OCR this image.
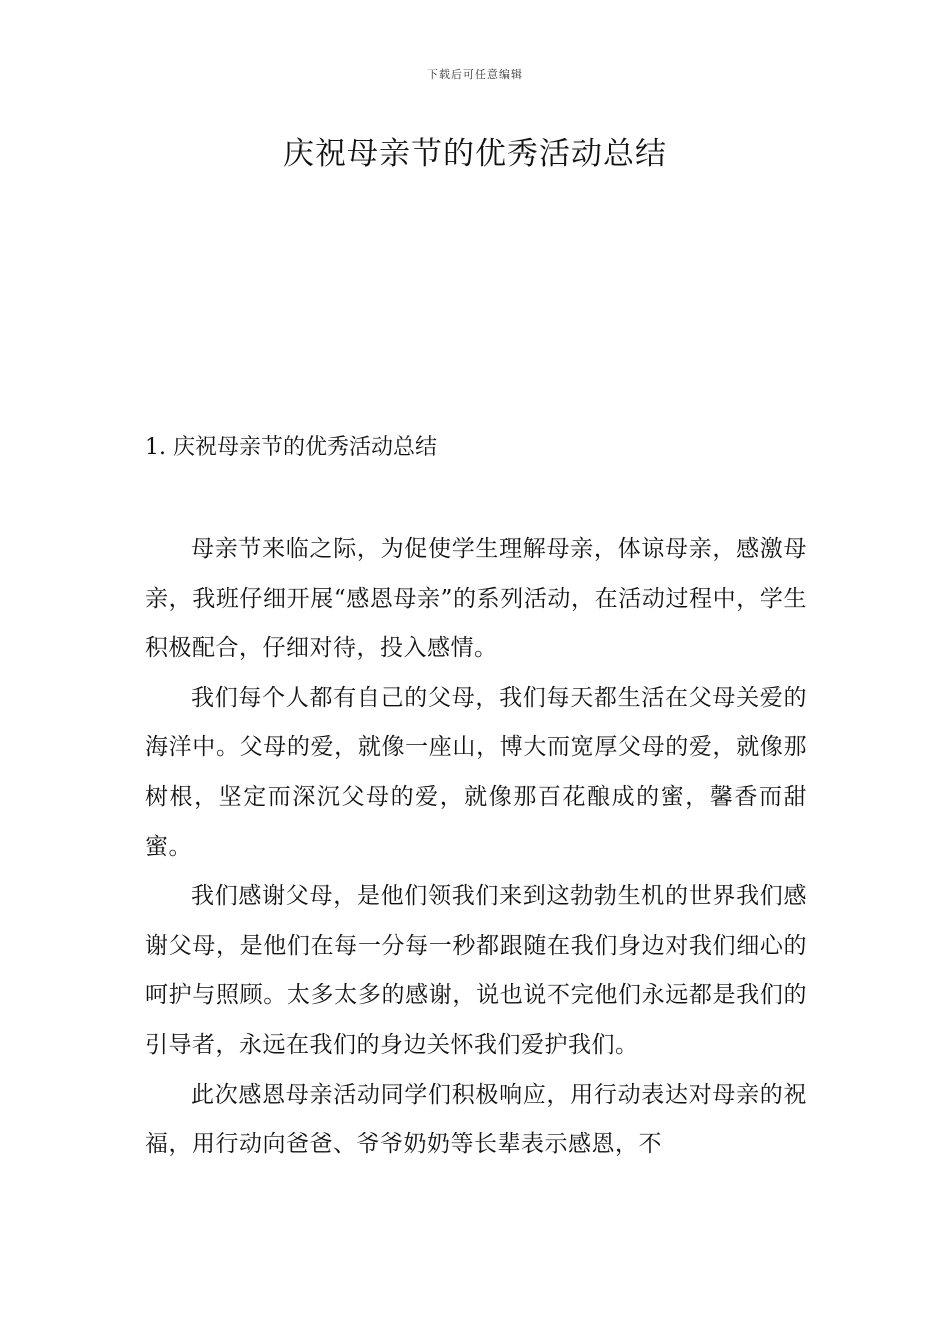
下载后可任意编辑
庆祝母亲节的优秀活动总结
1. 庆祝母亲节的优秀活动总结

母亲节来临之际，为促使学生理解母亲，体谅母亲，感激母亲，我班仔细开展“感恩母亲”的系列活动，在活动过程中，学生积极配合，仔细对待，投入感情。

我们每个人都有自己的父母，我们每天都生活在父母关爱的海洋中。父母的爱，就像一座山，博大而宽厚父母的爱，就像那树根，坚定而深沉父母的爱，就像那百花酿成的蜜，馨香而甜蜜。

我们感谢父母，是他们领我们来到这勃勃生机的世界我们感谢父母，是他们在每一分每一秒都跟随在我们身边对我们细心的呵护与照顾。太多太多的感谢，说也说不完他们永远都是我们的引导者，永远在我们的身边关怀我们爱护我们。

此次感恩母亲活动同学们积极响应，用行动表达对母亲的祝福，用行动向爸爸、爷爷奶奶等长辈表示感恩，不
